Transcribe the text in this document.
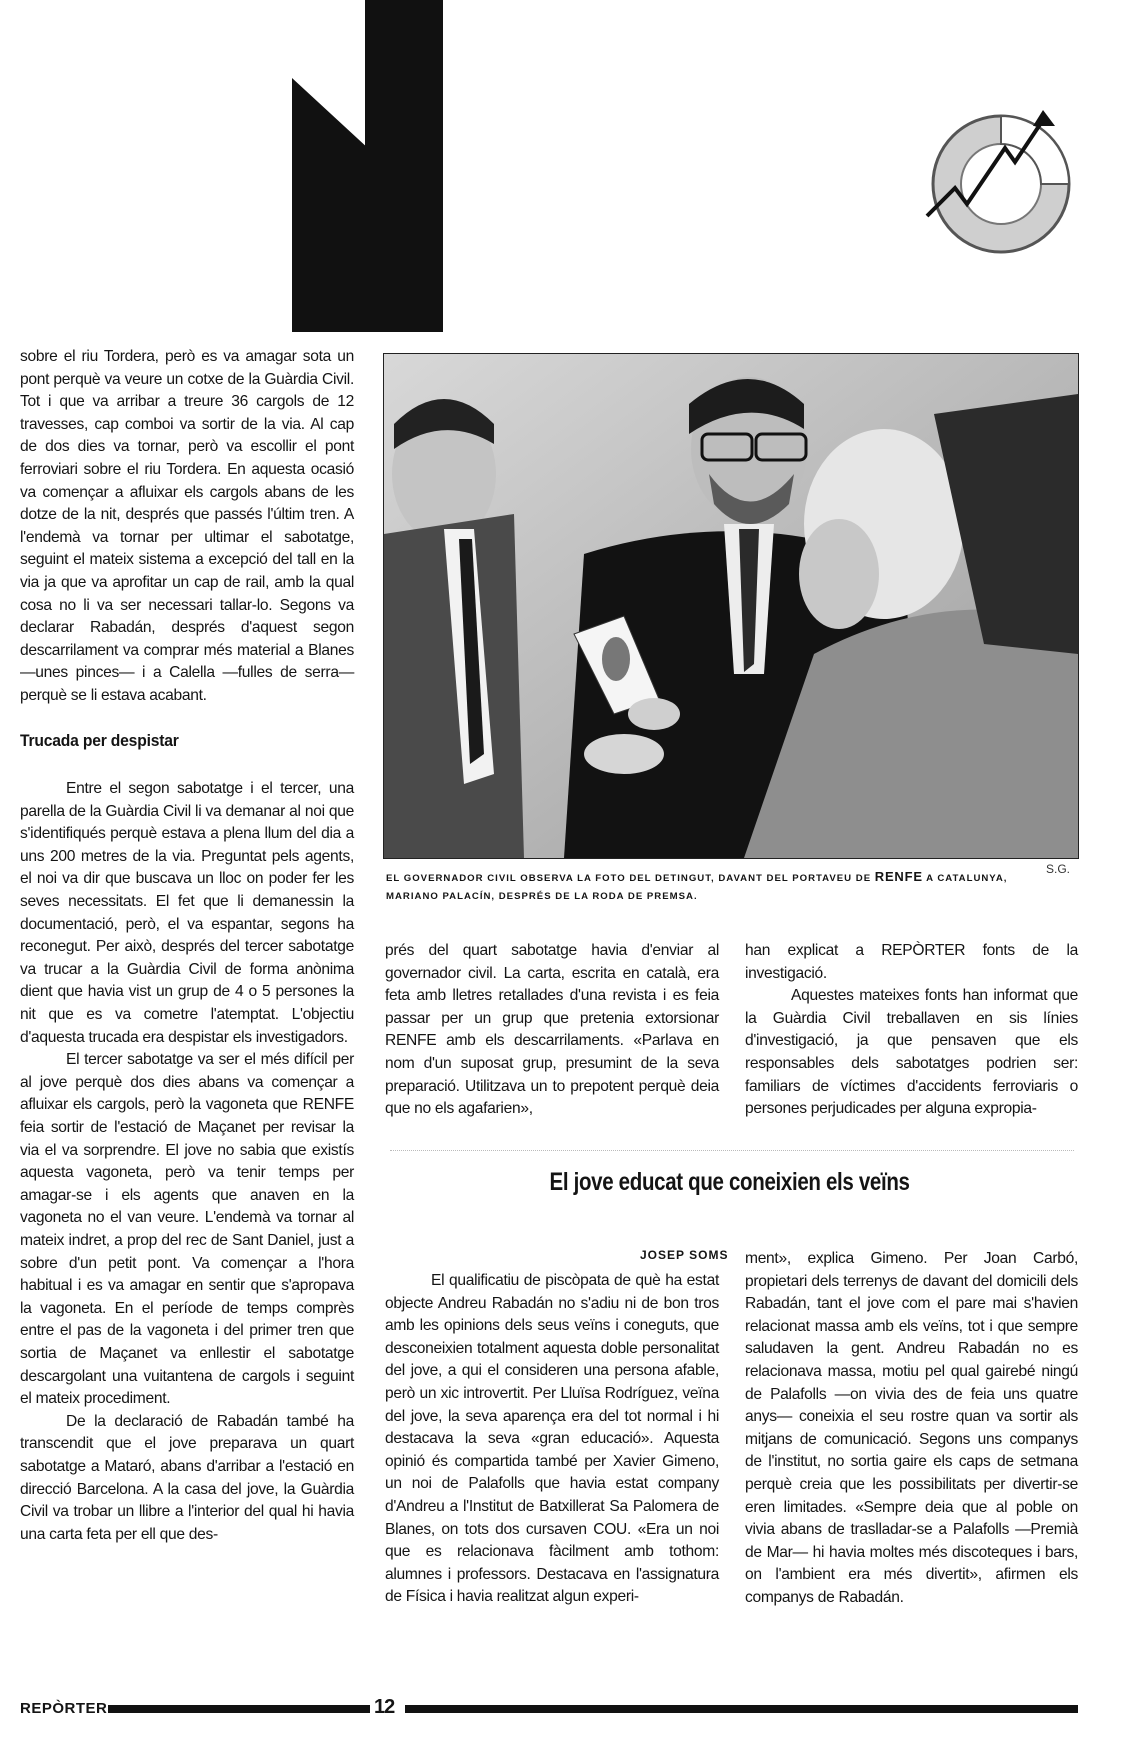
sobre el riu Tordera, però es va amagar sota un pont perquè va veure un cotxe de la Guàrdia Civil. Tot i que va arribar a treure 36 cargols de 12 travesses, cap comboi va sortir de la via. Al cap de dos dies va tornar, però va escollir el pont ferroviari sobre el riu Tordera. En aquesta ocasió va començar a afluixar els cargols abans de les dotze de la nit, després que passés l'últim tren. A l'endemà va tornar per ultimar el sabotatge, seguint el mateix sistema a excepció del tall en la via ja que va aprofitar un cap de rail, amb la qual cosa no li va ser necessari tallar-lo. Segons va declarar Rabadán, després d'aquest segon descarrilament va comprar més material a Blanes —unes pinces— i a Calella —fulles de serra— perquè se li estava acabant.

Trucada per despistar

Entre el segon sabotatge i el tercer, una parella de la Guàrdia Civil li va demanar al noi que s'identifiqués perquè estava a plena llum del dia a uns 200 metres de la via. Preguntat pels agents, el noi va dir que buscava un lloc on poder fer les seves necessitats. El fet que li demanessin la documentació, però, el va espantar, segons ha reconegut. Per això, després del tercer sabotatge va trucar a la Guàrdia Civil de forma anònima dient que havia vist un grup de 4 o 5 persones la nit que es va cometre l'atemptat. L'objectiu d'aquesta trucada era despistar els investigadors.

El tercer sabotatge va ser el més difícil per al jove perquè dos dies abans va començar a afluixar els cargols, però la vagoneta que RENFE feia sortir de l'estació de Maçanet per revisar la via el va sorprendre. El jove no sabia que existís aquesta vagoneta, però va tenir temps per amagar-se i els agents que anaven en la vagoneta no el van veure. L'endemà va tornar al mateix indret, a prop del rec de Sant Daniel, just a sobre d'un petit pont. Va començar a l'hora habitual i es va amagar en sentir que s'apropava la vagoneta. En el període de temps comprès entre el pas de la vagoneta i del primer tren que sortia de Maçanet va enllestir el sabotatge descargolant una vuitantena de cargols i seguint el mateix procediment.

De la declaració de Rabadán també ha transcendit que el jove preparava un quart sabotatge a Mataró, abans d'arribar a l'estació en direcció Barcelona. A la casa del jove, la Guàrdia Civil va trobar un llibre a l'interior del qual hi havia una carta feta per ell que des-

S.G.
EL GOVERNADOR CIVIL OBSERVA LA FOTO DEL DETINGUT, DAVANT DEL PORTAVEU DE RENFE A CATALUNYA, MARIANO PALACÍN, DESPRÉS DE LA RODA DE PREMSA.

prés del quart sabotatge havia d'enviar al governador civil. La carta, escrita en català, era feta amb lletres retallades d'una revista i es feia passar per un grup que pretenia extorsionar RENFE amb els descarrilaments. «Parlava en nom d'un suposat grup, presumint de la seva preparació. Utilitzava un to prepotent perquè deia que no els agafarien»,

han explicat a REPÒRTER fonts de la investigació.

Aquestes mateixes fonts han informat que la Guàrdia Civil treballaven en sis línies d'investigació, ja que pensaven que els responsables dels sabotatges podrien ser: familiars de víctimes d'accidents ferroviaris o persones perjudicades per alguna expropia-

El jove educat que coneixien els veïns
JOSEP SOMS

El qualificatiu de piscòpata de què ha estat objecte Andreu Rabadán no s'adiu ni de bon tros amb les opinions dels seus veïns i coneguts, que desconeixien totalment aquesta doble personalitat del jove, a qui el consideren una persona afable, però un xic introvertit. Per Lluïsa Rodríguez, veïna del jove, la seva aparença era del tot normal i hi destacava la seva «gran educació». Aquesta opinió és compartida també per Xavier Gimeno, un noi de Palafolls que havia estat company d'Andreu a l'Institut de Batxillerat Sa Palomera de Blanes, on tots dos cursaven COU. «Era un noi que es relacionava fàcilment amb tothom: alumnes i professors. Destacava en l'assignatura de Física i havia realitzat algun experi-

ment», explica Gimeno. Per Joan Carbó, propietari dels terrenys de davant del domicili dels Rabadán, tant el jove com el pare mai s'havien relacionat massa amb els veïns, tot i que sempre saludaven la gent. Andreu Rabadán no es relacionava massa, motiu pel qual gairebé ningú de Palafolls —on vivia des de feia uns quatre anys— coneixia el seu rostre quan va sortir als mitjans de comunicació. Segons uns companys de l'institut, no sortia gaire els caps de setmana perquè creia que les possibilitats per divertir-se eren limitades. «Sempre deia que al poble on vivia abans de traslladar-se a Palafolls —Premià de Mar— hi havia moltes més discoteques i bars, on l'ambient era més divertit», afirmen els companys de Rabadán.

REPÒRTER	12
